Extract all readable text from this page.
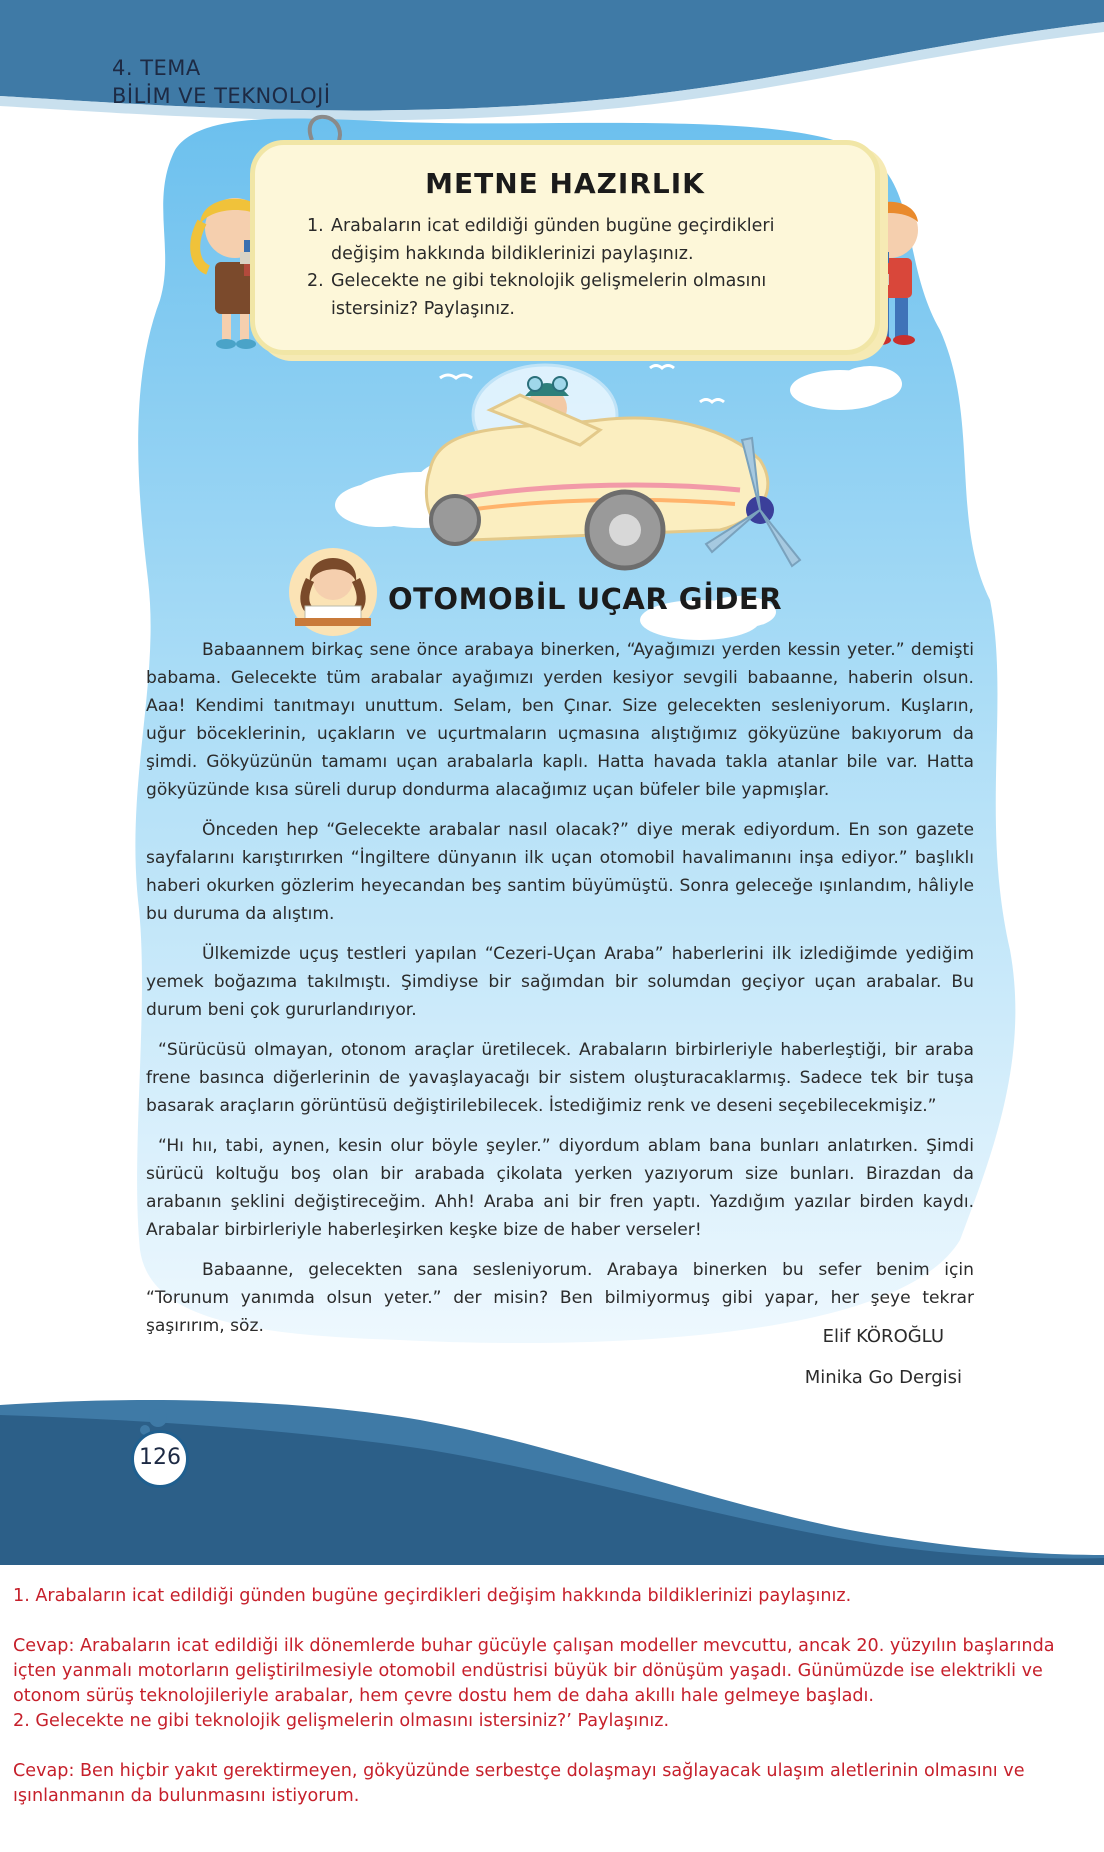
4. TEMA
BİLİM VE TEKNOLOJİ
METNE HAZIRLIK
1. Arabaların icat edildiği günden bugüne geçirdikleri değişim hakkında bildiklerinizi paylaşınız.
2. Gelecekte ne gibi teknolojik gelişmelerin olmasını istersiniz? Paylaşınız.
OTOMOBİL UÇAR GİDER

Babaannem birkaç sene önce arabaya binerken, “Ayağımızı yerden kessin yeter.” demişti babama. Gelecekte tüm arabalar ayağımızı yerden kesiyor sevgili babaanne, haberin olsun. Aaa! Kendimi tanıtmayı unuttum. Selam, ben Çınar. Size gelecekten sesleniyorum. Kuşların, uğur böceklerinin, uçakların ve uçurtmaların uçmasına alıştığımız gökyüzüne bakıyorum da şimdi. Gökyüzünün tamamı uçan arabalarla kaplı. Hatta havada takla atanlar bile var. Hatta gökyüzünde kısa süreli durup dondurma alacağımız uçan büfeler bile yapmışlar.

Önceden hep “Gelecekte arabalar nasıl olacak?” diye merak ediyordum. En son gazete sayfalarını karıştırırken “İngiltere dünyanın ilk uçan otomobil havalimanını inşa ediyor.” başlıklı haberi okurken gözlerim heyecandan beş santim büyümüştü. Sonra geleceğe ışınlandım, hâliyle bu duruma da alıştım.

Ülkemizde uçuş testleri yapılan “Cezeri-Uçan Araba” haberlerini ilk izlediğimde yediğim yemek boğazıma takılmıştı. Şimdiyse bir sağımdan bir solumdan geçiyor uçan arabalar. Bu durum beni çok gururlandırıyor.

“Sürücüsü olmayan, otonom araçlar üretilecek. Arabaların birbirleriyle haberleştiği, bir araba frene basınca diğerlerinin de yavaşlayacağı bir sistem oluşturacaklarmış. Sadece tek bir tuşa basarak araçların görüntüsü değiştirilebilecek. İstediğimiz renk ve deseni seçebilecekmişiz.”

“Hı hıı, tabi, aynen, kesin olur böyle şeyler.” diyordum ablam bana bunları anlatırken. Şimdi sürücü koltuğu boş olan bir arabada çikolata yerken yazıyorum size bunları. Birazdan da arabanın şeklini değiştireceğim. Ahh! Araba ani bir fren yaptı. Yazdığım yazılar birden kaydı. Arabalar birbirleriyle haberleşirken keşke bize de haber verseler!

Babaanne, gelecekten sana sesleniyorum. Arabaya binerken bu sefer benim için “Torunum yanımda olsun yeter.” der misin? Ben bilmiyormuş gibi yapar, her şeye tekrar şaşırırım, söz.	Elif KÖROĞLU
Minika Go Dergisi
126

1. Arabaların icat edildiği günden bugüne geçirdikleri değişim hakkında bildiklerinizi paylaşınız.

Cevap: Arabaların icat edildiği ilk dönemlerde buhar gücüyle çalışan modeller mevcuttu, ancak 20. yüzyılın başlarında içten yanmalı motorların geliştirilmesiyle otomobil endüstrisi büyük bir dönüşüm yaşadı. Günümüzde ise elektrikli ve otonom sürüş teknolojileriyle arabalar, hem çevre dostu hem de daha akıllı hale gelmeye başladı.

2. Gelecekte ne gibi teknolojik gelişmelerin olmasını istersiniz?’ Paylaşınız.

Cevap: Ben hiçbir yakıt gerektirmeyen, gökyüzünde serbestçe dolaşmayı sağlayacak ulaşım aletlerinin olmasını ve ışınlanmanın da bulunmasını istiyorum.
